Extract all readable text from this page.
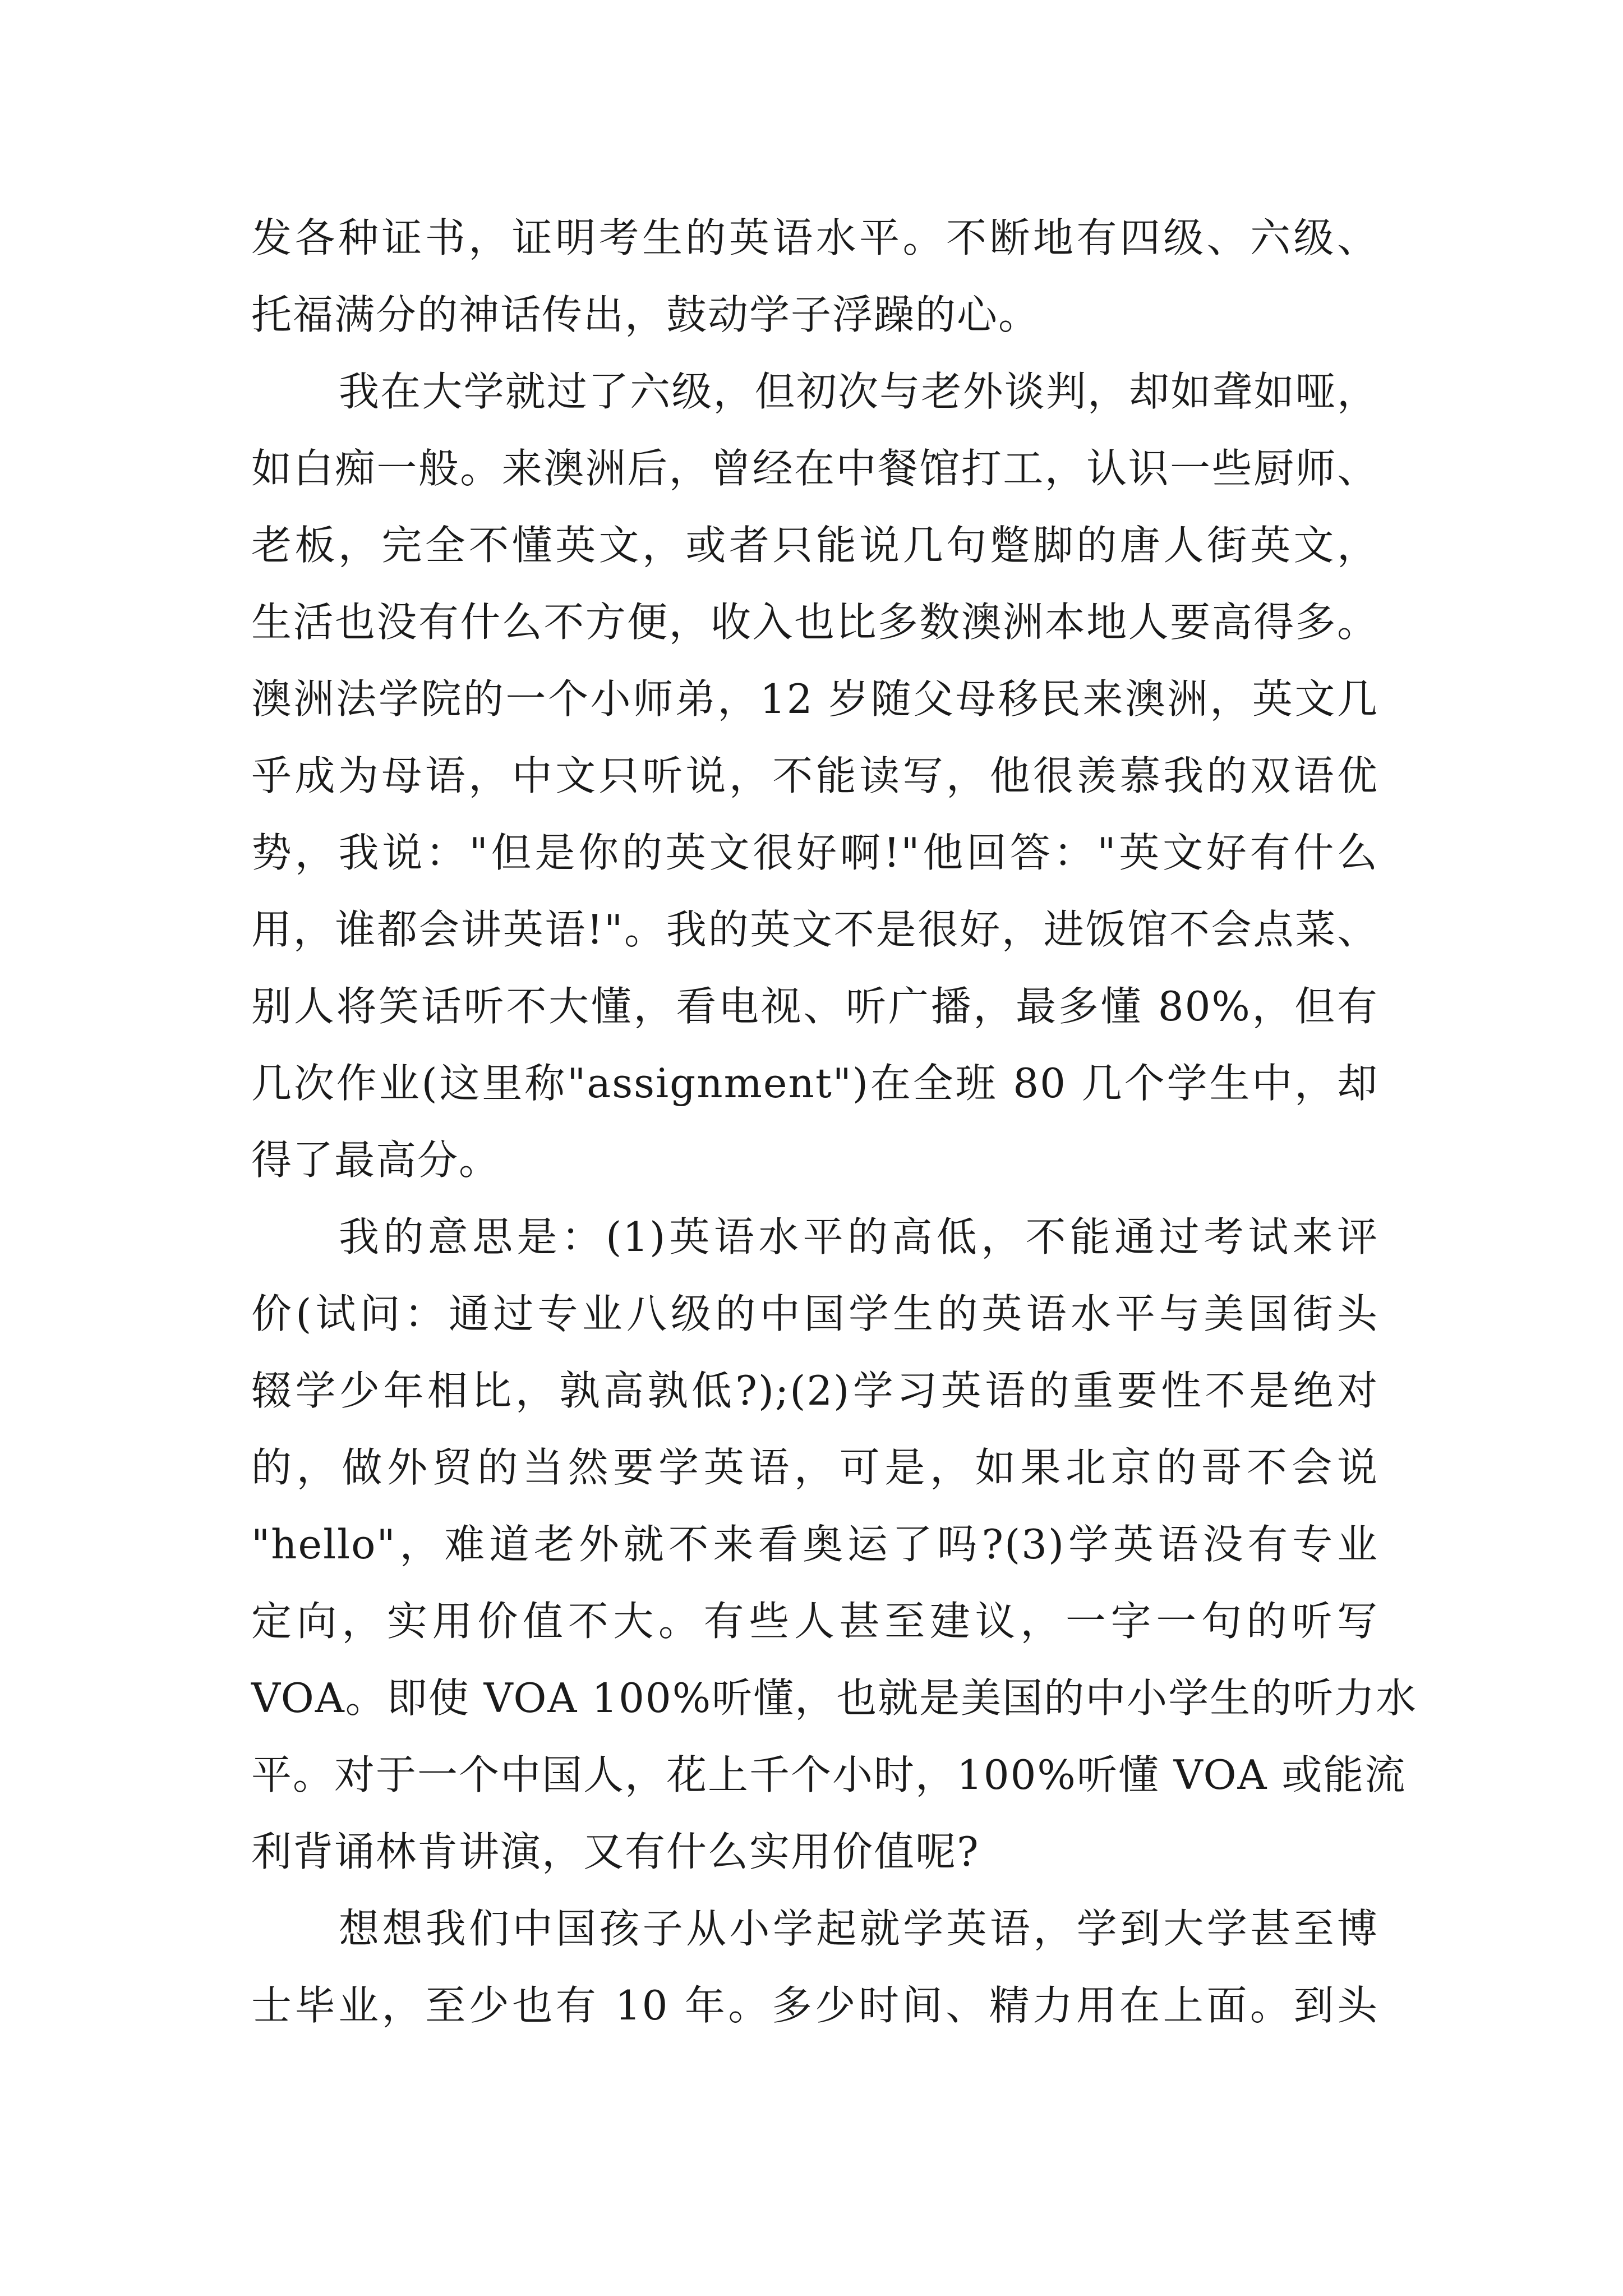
发各种证书，证明考生的英语水平。不断地有四级、六级、
托福满分的神话传出，鼓动学子浮躁的心。
我在大学就过了六级，但初次与老外谈判，却如聋如哑，
如白痴一般。来澳洲后，曾经在中餐馆打工，认识一些厨师、
老板，完全不懂英文，或者只能说几句蹩脚的唐人街英文，
生活也没有什么不方便，收入也比多数澳洲本地人要高得多。
澳洲法学院的一个小师弟，12 岁随父母移民来澳洲，英文几
乎成为母语，中文只听说，不能读写，他很羡慕我的双语优
势，我说："但是你的英文很好啊!"他回答："英文好有什么
用，谁都会讲英语!"。我的英文不是很好，进饭馆不会点菜、
别人将笑话听不大懂，看电视、听广播，最多懂 80%，但有
几次作业(这里称"assignment")在全班 80 几个学生中，却
得了最高分。
我的意思是：(1)英语水平的高低，不能通过考试来评
价(试问：通过专业八级的中国学生的英语水平与美国街头
辍学少年相比，孰高孰低?);(2)学习英语的重要性不是绝对
的，做外贸的当然要学英语，可是，如果北京的哥不会说
"hello"，难道老外就不来看奥运了吗?(3)学英语没有专业
定向，实用价值不大。有些人甚至建议，一字一句的听写
VOA。即使 VOA 100%听懂，也就是美国的中小学生的听力水
平。对于一个中国人，花上千个小时，100%听懂 VOA 或能流
利背诵林肯讲演，又有什么实用价值呢?
想想我们中国孩子从小学起就学英语，学到大学甚至博
士毕业，至少也有 10 年。多少时间、精力用在上面。到头
